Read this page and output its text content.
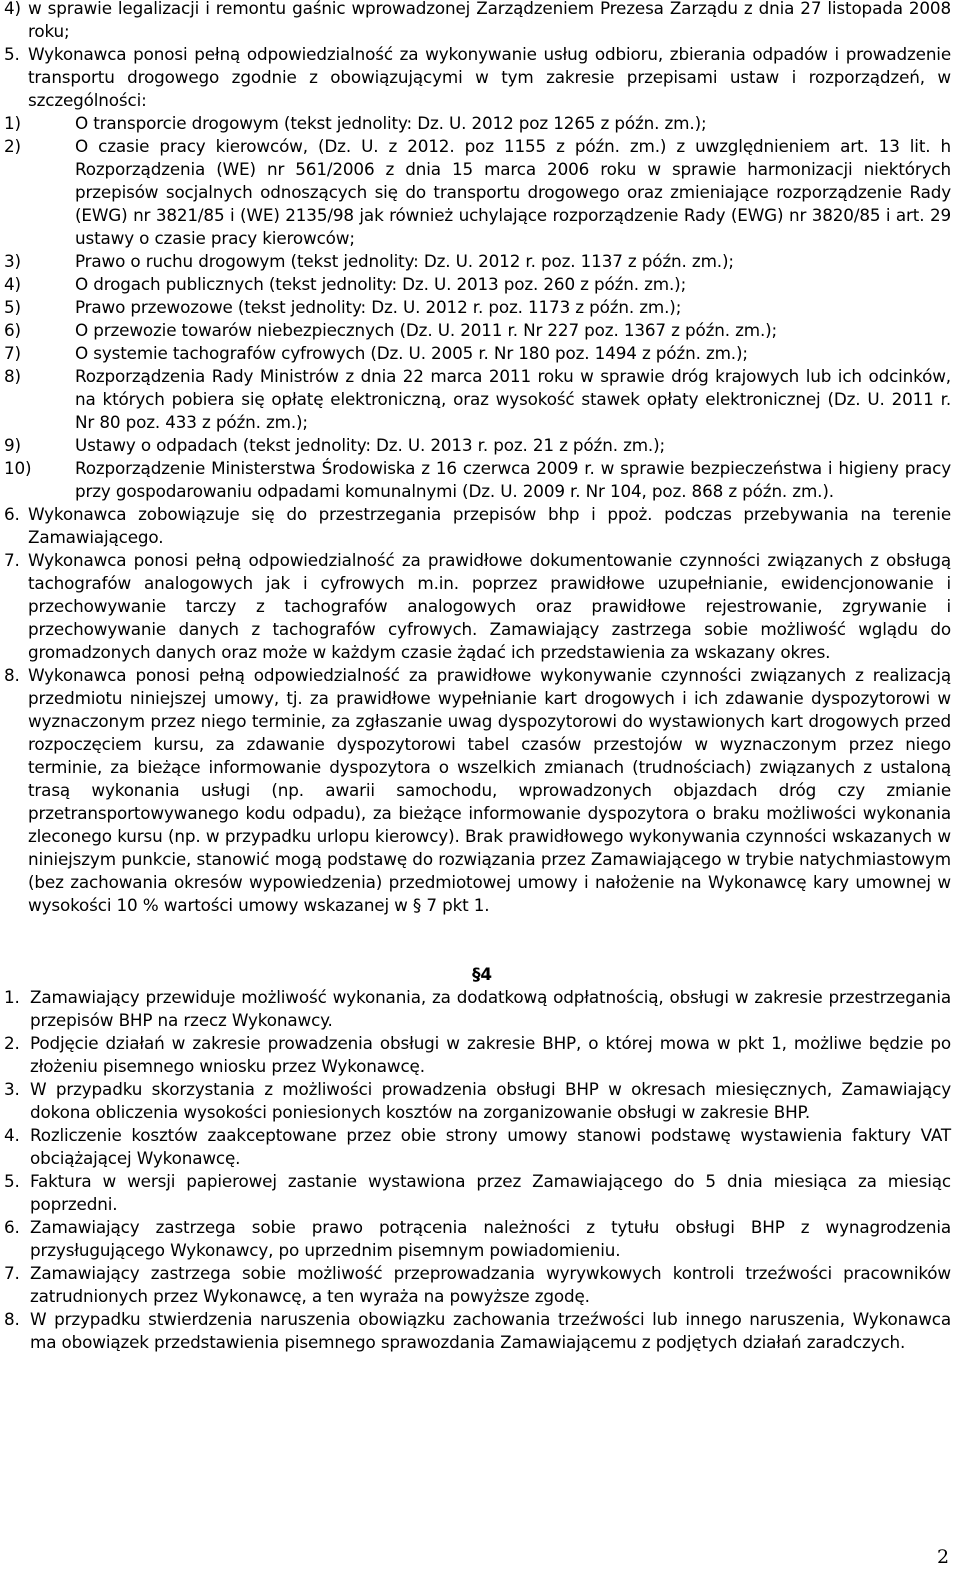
4) w sprawie legalizacji i remontu gaśnic wprowadzonej Zarządzeniem Prezesa Zarządu z dnia 27 listopada 2008 roku;
5. Wykonawca ponosi pełną odpowiedzialność za wykonywanie usług odbioru, zbierania odpadów i prowadzenie transportu drogowego zgodnie z obowiązującymi w tym zakresie przepisami ustaw i rozporządzeń, w szczególności:
1)	O transporcie drogowym (tekst jednolity: Dz. U. 2012 poz 1265 z późn. zm.);
2)	O czasie pracy kierowców, (Dz. U. z 2012. poz 1155 z późn. zm.) z uwzględnieniem art. 13 lit. h Rozporządzenia (WE) nr 561/2006 z dnia 15 marca 2006 roku w sprawie harmonizacji niektórych przepisów socjalnych odnoszących się do transportu drogowego oraz zmieniające rozporządzenie Rady (EWG) nr 3821/85 i (WE) 2135/98 jak również uchylające rozporządzenie Rady (EWG) nr 3820/85 i art. 29 ustawy o czasie pracy kierowców;
3)	Prawo o ruchu drogowym (tekst jednolity: Dz. U. 2012 r. poz. 1137 z późn. zm.);
4)	O drogach publicznych (tekst jednolity: Dz. U. 2013 poz. 260 z późn. zm.);
5)	Prawo przewozowe (tekst jednolity: Dz. U. 2012 r. poz. 1173 z późn. zm.);
6)	O przewozie towarów niebezpiecznych (Dz. U. 2011 r. Nr 227 poz. 1367 z późn. zm.);
7)	O systemie tachografów cyfrowych (Dz. U. 2005 r. Nr 180 poz. 1494 z późn. zm.);
8)	Rozporządzenia Rady Ministrów z dnia 22 marca 2011 roku w sprawie dróg krajowych lub ich odcinków, na których pobiera się opłatę elektroniczną, oraz wysokość stawek opłaty elektronicznej (Dz. U. 2011 r. Nr 80 poz. 433 z późn. zm.);
9)	Ustawy o odpadach (tekst jednolity: Dz. U. 2013 r. poz. 21 z późn. zm.);
10)	Rozporządzenie Ministerstwa Środowiska z 16 czerwca 2009 r. w sprawie bezpieczeństwa i higieny pracy przy gospodarowaniu odpadami komunalnymi (Dz. U. 2009 r. Nr 104, poz. 868 z późn. zm.).
6. Wykonawca zobowiązuje się do przestrzegania przepisów bhp i ppoż. podczas przebywania na terenie Zamawiającego.
7. Wykonawca ponosi pełną odpowiedzialność za prawidłowe dokumentowanie czynności związanych z obsługą tachografów analogowych jak i cyfrowych m.in. poprzez prawidłowe uzupełnianie, ewidencjonowanie i przechowywanie tarczy z tachografów analogowych oraz prawidłowe rejestrowanie, zgrywanie i przechowywanie danych z tachografów cyfrowych. Zamawiający zastrzega sobie możliwość wglądu do gromadzonych danych oraz może w każdym czasie żądać ich przedstawienia za wskazany okres.
8. Wykonawca ponosi pełną odpowiedzialność za prawidłowe wykonywanie czynności związanych z realizacją przedmiotu niniejszej umowy, tj. za prawidłowe wypełnianie kart drogowych i ich zdawanie dyspozytorowi w wyznaczonym przez niego terminie, za zgłaszanie uwag dyspozytorowi do wystawionych kart drogowych przed rozpoczęciem kursu, za zdawanie dyspozytorowi tabel czasów przestojów w wyznaczonym przez niego terminie, za bieżące informowanie dyspozytora o wszelkich zmianach (trudnościach) związanych z ustaloną trasą wykonania usługi (np. awarii samochodu, wprowadzonych objazdach dróg czy zmianie przetransportowywanego kodu odpadu), za bieżące informowanie dyspozytora o braku możliwości wykonania zleconego kursu (np. w przypadku urlopu kierowcy). Brak prawidłowego wykonywania czynności wskazanych w niniejszym punkcie, stanowić mogą podstawę do rozwiązania przez Zamawiającego w trybie natychmiastowym (bez zachowania okresów wypowiedzenia) przedmiotowej umowy i nałożenie na Wykonawcę kary umownej w wysokości 10 % wartości umowy wskazanej w § 7 pkt 1.
§4
1. Zamawiający przewiduje możliwość wykonania, za dodatkową odpłatnością, obsługi w zakresie przestrzegania przepisów BHP na rzecz Wykonawcy.
2. Podjęcie działań w zakresie prowadzenia obsługi w zakresie BHP, o której mowa w pkt 1, możliwe będzie po złożeniu pisemnego wniosku przez Wykonawcę.
3. W przypadku skorzystania z możliwości prowadzenia obsługi BHP w okresach miesięcznych, Zamawiający dokona obliczenia wysokości poniesionych kosztów na zorganizowanie obsługi w zakresie BHP.
4. Rozliczenie kosztów zaakceptowane przez obie strony umowy stanowi podstawę wystawienia faktury VAT obciążającej Wykonawcę.
5. Faktura w wersji papierowej zastanie wystawiona przez Zamawiającego do 5 dnia miesiąca za miesiąc poprzedni.
6. Zamawiający zastrzega sobie prawo potrącenia należności z tytułu obsługi BHP z wynagrodzenia przysługującego Wykonawcy, po uprzednim pisemnym powiadomieniu.
7. Zamawiający zastrzega sobie możliwość przeprowadzania wyrywkowych kontroli trzeźwości pracowników zatrudnionych przez Wykonawcę, a ten wyraża na powyższe zgodę.
8. W przypadku stwierdzenia naruszenia obowiązku zachowania trzeźwości lub innego naruszenia, Wykonawca ma obowiązek przedstawienia pisemnego sprawozdania Zamawiającemu z podjętych działań zaradczych.
2
